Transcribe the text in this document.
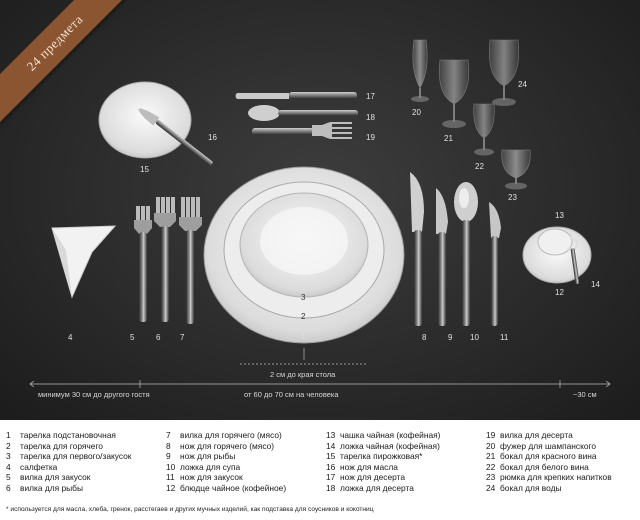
24 предмета
1
2
3
4	5	6 7	8	9 10	11
12
13
14
15
16
17
18
19
20
21
22
23
24
2 см до края стола
минимум 30 см до другого гостя	от 60 до 70 см на человека	~30 см
1 тарелка подстановочная
2 тарелка для горячего
3 тарелка для первого/закусок
4 салфетка
5 вилка для закусок
6 вилка для рыбы
7 вилка для горячего (мясо)
8 нож для горячего (мясо)
9 нож для рыбы
10 ложка для супа
11 нож для закусок
12 блюдце чайное (кофейное)
13 чашка чайная (кофейная)
14 ложка чайная (кофейная)
15 тарелка пирожковая*
16 нож для масла
17 нож для десерта
18 ложка для десерта
19 вилка для десерта
20 фужер для шампанского
21 бокал для красного вина
22 бокал для белого вина
23 рюмка для крепких напитков
24 бокал для воды
* используется для масла, хлеба, гренок, расстегаев и других мучных изделий, как подставка для соусников и кокотниц
